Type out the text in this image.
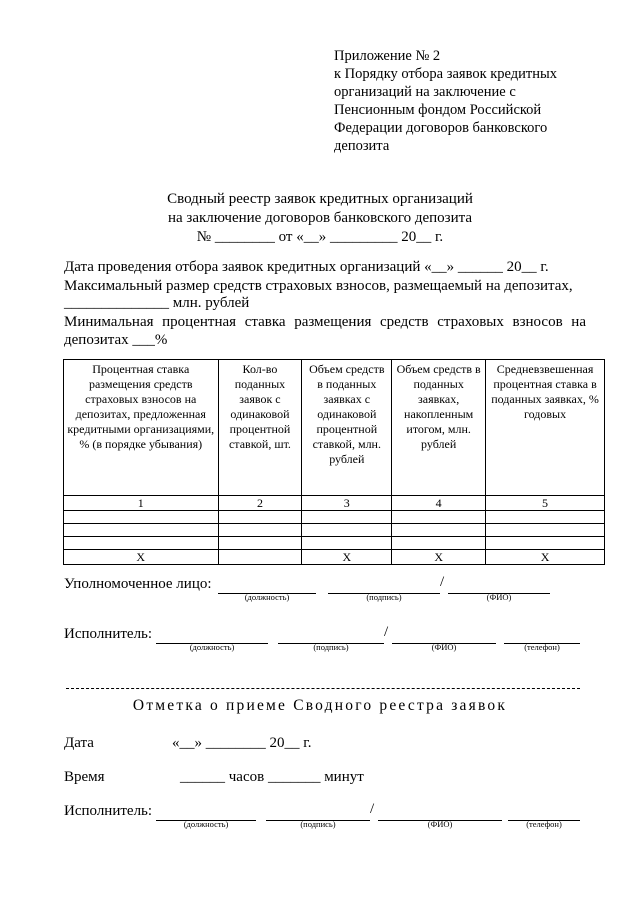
Приложение № 2
к Порядку отбора заявок кредитных
организаций на заключение с
Пенсионным фондом Российской
Федерации договоров банковского
депозита
Сводный реестр заявок кредитных организаций
на заключение договоров банковского депозита
№ ________ от «__» _________ 20__ г.
Дата проведения отбора заявок кредитных организаций «__» ______ 20__ г.
Максимальный размер средств страховых взносов, размещаемый на депозитах,
______________ млн. рублей
Минимальная процентная ставка размещения средств страховых взносов на
депозитах ___%
Процентная ставка размещения средств страховых взносов на депозитах, предложенная кредитными организациями, % (в порядке убывания)	Кол-во поданных заявок с одинаковой процентной ставкой, шт.	Объем средств в поданных заявках с одинаковой процентной ставкой, млн. рублей	Объем средств в поданных заявках, накопленным итогом, млн. рублей	Средневзвешенная процентная ставка в поданных заявках, % годовых
1	2	3	4	5

X		X	X	X
Уполномоченное лицо:	/
(должность)	(подпись)	(ФИО)
Исполнитель:	/
(должность)	(подпись)	(ФИО)	(телефон)
Отметка о приеме Сводного реестра заявок
Дата	«__» ________ 20__ г.
Время	______ часов _______ минут
Исполнитель:	/
(должность)	(подпись)	(ФИО)	(телефон)
